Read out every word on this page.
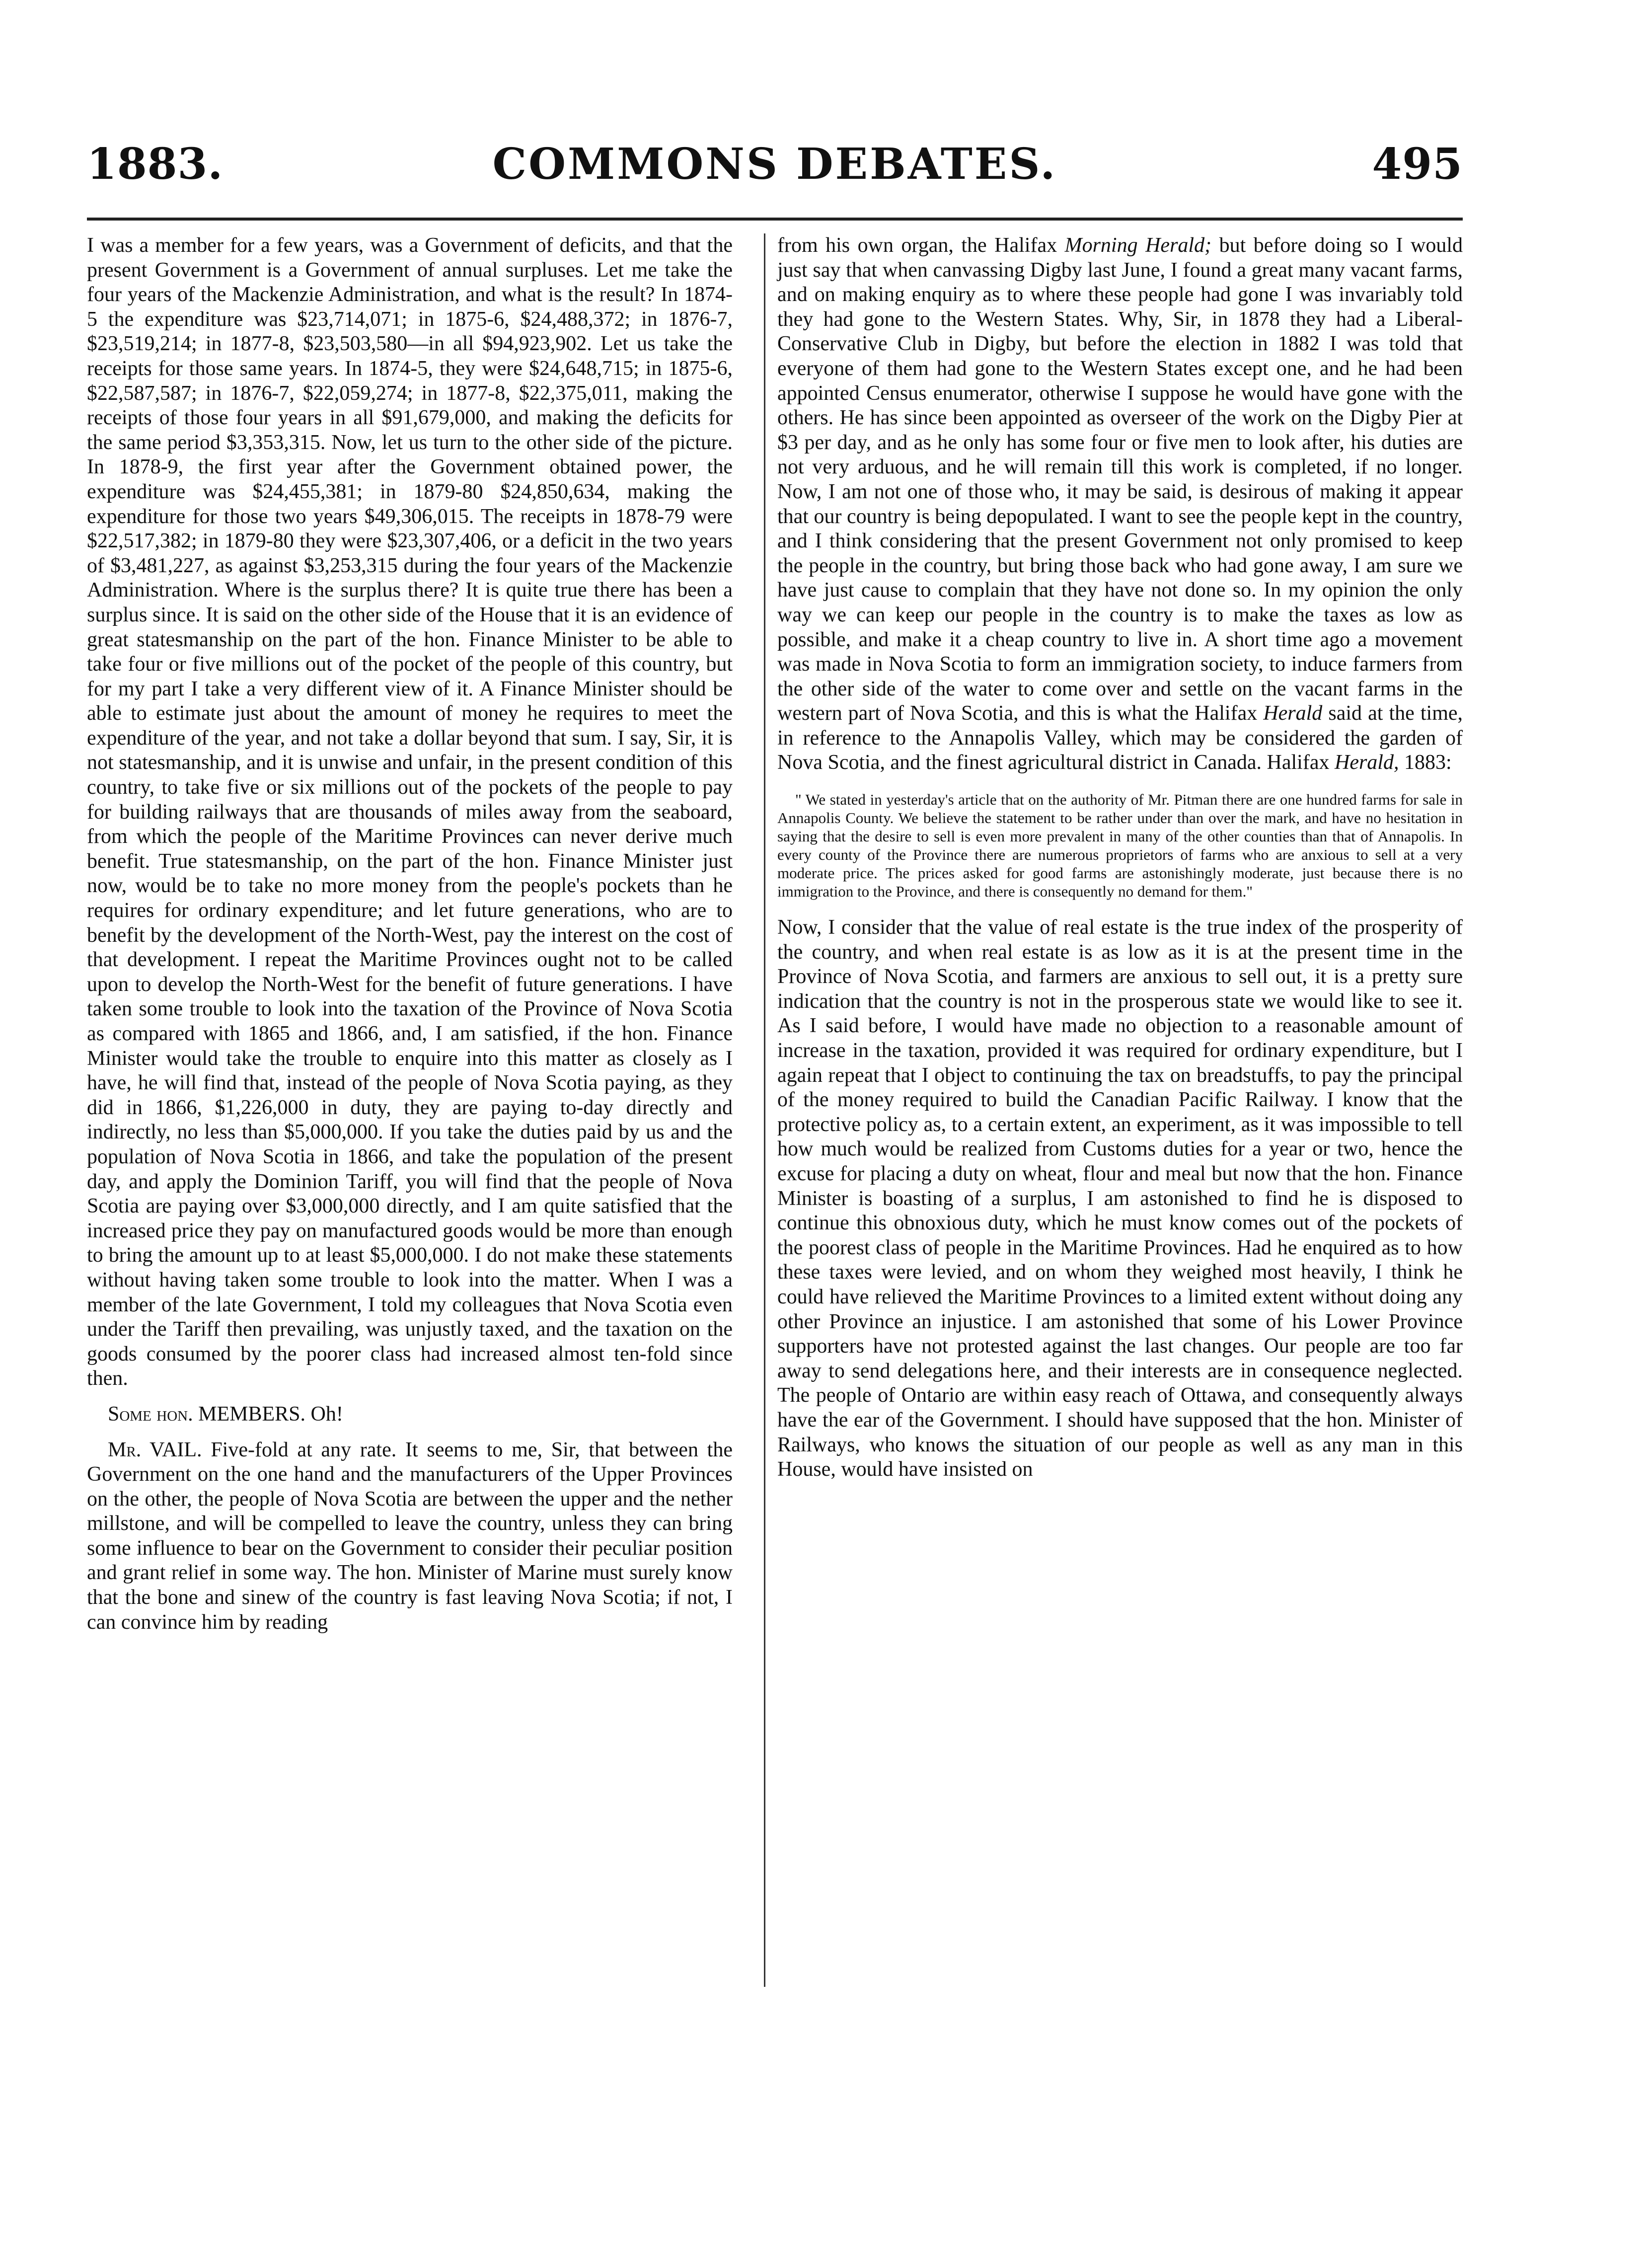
1883.	COMMONS DEBATES.	495

I was a member for a few years, was a Government of deficits, and that the present Government is a Government of annual surpluses. Let me take the four years of the Mackenzie Administration, and what is the result? In 1874-5 the expenditure was $23,714,071; in 1875-6, $24,488,372; in 1876-7, $23,519,214; in 1877-8, $23,503,580—in all $94,923,902. Let us take the receipts for those same years. In 1874-5, they were $24,648,715; in 1875-6, $22,587,587; in 1876-7, $22,059,274; in 1877-8, $22,375,011, making the receipts of those four years in all $91,679,000, and making the deficits for the same period $3,353,315. Now, let us turn to the other side of the picture. In 1878-9, the first year after the Government obtained power, the expenditure was $24,455,381; in 1879-80 $24,850,634, making the expenditure for those two years $49,306,015. The receipts in 1878-79 were $22,517,382; in 1879-80 they were $23,307,406, or a deficit in the two years of $3,481,227, as against $3,253,315 during the four years of the Mackenzie Administration. Where is the surplus there? It is quite true there has been a surplus since. It is said on the other side of the House that it is an evidence of great statesmanship on the part of the hon. Finance Minister to be able to take four or five millions out of the pocket of the people of this country, but for my part I take a very different view of it. A Finance Minister should be able to estimate just about the amount of money he requires to meet the expenditure of the year, and not take a dollar beyond that sum. I say, Sir, it is not statesmanship, and it is unwise and unfair, in the present condition of this country, to take five or six millions out of the pockets of the people to pay for building railways that are thousands of miles away from the seaboard, from which the people of the Maritime Provinces can never derive much benefit. True statesmanship, on the part of the hon. Finance Minister just now, would be to take no more money from the people's pockets than he requires for ordinary expenditure; and let future generations, who are to benefit by the development of the North-West, pay the interest on the cost of that development. I repeat the Maritime Provinces ought not to be called upon to develop the North-West for the benefit of future generations. I have taken some trouble to look into the taxation of the Province of Nova Scotia as compared with 1865 and 1866, and, I am satisfied, if the hon. Finance Minister would take the trouble to enquire into this matter as closely as I have, he will find that, instead of the people of Nova Scotia paying, as they did in 1866, $1,226,000 in duty, they are paying to-day directly and indirectly, no less than $5,000,000. If you take the duties paid by us and the population of Nova Scotia in 1866, and take the population of the present day, and apply the Dominion Tariff, you will find that the people of Nova Scotia are paying over $3,000,000 directly, and I am quite satisfied that the increased price they pay on manufactured goods would be more than enough to bring the amount up to at least $5,000,000. I do not make these statements without having taken some trouble to look into the matter. When I was a member of the late Government, I told my colleagues that Nova Scotia even under the Tariff then prevailing, was unjustly taxed, and the taxation on the goods consumed by the poorer class had increased almost ten-fold since then.

Some hon. MEMBERS. Oh!

Mr. VAIL. Five-fold at any rate. It seems to me, Sir, that between the Government on the one hand and the manufacturers of the Upper Provinces on the other, the people of Nova Scotia are between the upper and the nether millstone, and will be compelled to leave the country, unless they can bring some influence to bear on the Government to consider their peculiar position and grant relief in some way. The hon. Minister of Marine must surely know that the bone and sinew of the country is fast leaving Nova Scotia; if not, I can convince him by reading

from his own organ, the Halifax Morning Herald; but before doing so I would just say that when canvassing Digby last June, I found a great many vacant farms, and on making enquiry as to where these people had gone I was invariably told they had gone to the Western States. Why, Sir, in 1878 they had a Liberal-Conservative Club in Digby, but before the election in 1882 I was told that everyone of them had gone to the Western States except one, and he had been appointed Census enumerator, otherwise I suppose he would have gone with the others. He has since been appointed as overseer of the work on the Digby Pier at $3 per day, and as he only has some four or five men to look after, his duties are not very arduous, and he will remain till this work is completed, if no longer. Now, I am not one of those who, it may be said, is desirous of making it appear that our country is being depopulated. I want to see the people kept in the country, and I think considering that the present Government not only promised to keep the people in the country, but bring those back who had gone away, I am sure we have just cause to complain that they have not done so. In my opinion the only way we can keep our people in the country is to make the taxes as low as possible, and make it a cheap country to live in. A short time ago a movement was made in Nova Scotia to form an immigration society, to induce farmers from the other side of the water to come over and settle on the vacant farms in the western part of Nova Scotia, and this is what the Halifax Herald said at the time, in reference to the Annapolis Valley, which may be considered the garden of Nova Scotia, and the finest agricultural district in Canada. Halifax Herald, 1883:

" We stated in yesterday's article that on the authority of Mr. Pitman there are one hundred farms for sale in Annapolis County. We believe the statement to be rather under than over the mark, and have no hesitation in saying that the desire to sell is even more prevalent in many of the other counties than that of Annapolis. In every county of the Province there are numerous proprietors of farms who are anxious to sell at a very moderate price. The prices asked for good farms are astonishingly moderate, just because there is no immigration to the Province, and there is consequently no demand for them."

Now, I consider that the value of real estate is the true index of the prosperity of the country, and when real estate is as low as it is at the present time in the Province of Nova Scotia, and farmers are anxious to sell out, it is a pretty sure indication that the country is not in the prosperous state we would like to see it. As I said before, I would have made no objection to a reasonable amount of increase in the taxation, provided it was required for ordinary expenditure, but I again repeat that I object to continuing the tax on breadstuffs, to pay the principal of the money required to build the Canadian Pacific Railway. I know that the protective policy as, to a certain extent, an experiment, as it was impossible to tell how much would be realized from Customs duties for a year or two, hence the excuse for placing a duty on wheat, flour and meal but now that the hon. Finance Minister is boasting of a surplus, I am astonished to find he is disposed to continue this obnoxious duty, which he must know comes out of the pockets of the poorest class of people in the Maritime Provinces. Had he enquired as to how these taxes were levied, and on whom they weighed most heavily, I think he could have relieved the Maritime Provinces to a limited extent without doing any other Province an injustice. I am astonished that some of his Lower Province supporters have not protested against the last changes. Our people are too far away to send delegations here, and their interests are in consequence neglected. The people of Ontario are within easy reach of Ottawa, and consequently always have the ear of the Government. I should have supposed that the hon. Minister of Railways, who knows the situation of our people as well as any man in this House, would have insisted on
